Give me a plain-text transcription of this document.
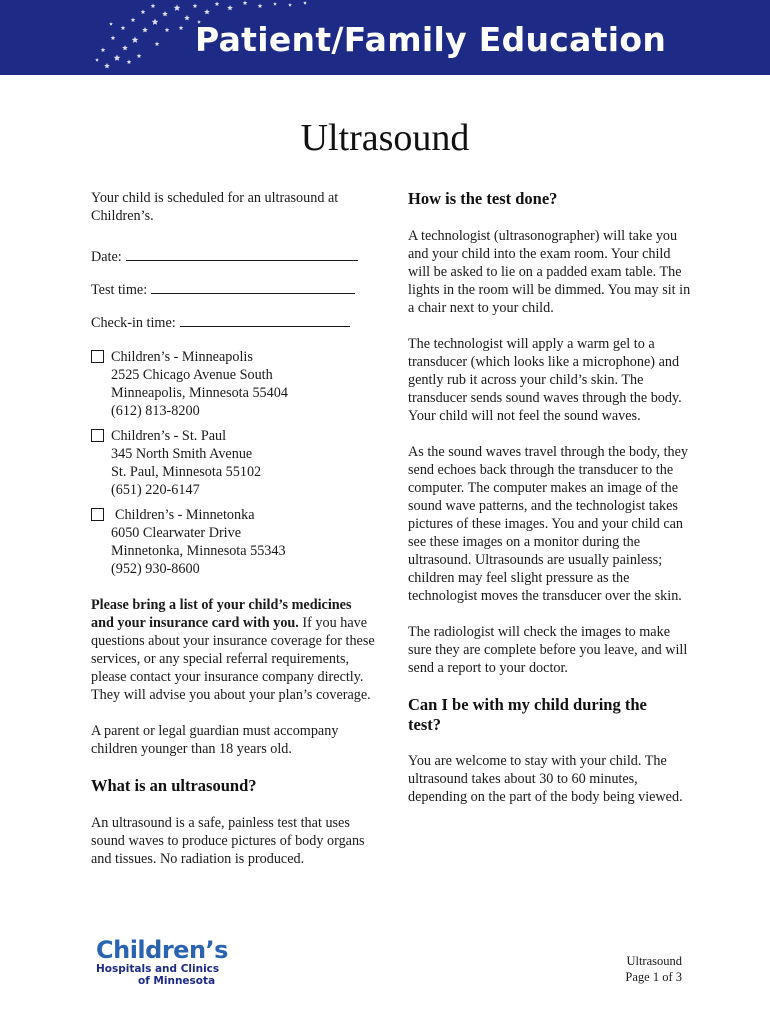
Patient/Family Education
Ultrasound

Your child is scheduled for an ultrasound at Children’s.

Date:
Test time:
Check-in time:
Children’s - Minneapolis
2525 Chicago Avenue South
Minneapolis, Minnesota 55404
(612) 813-8200
Children’s - St. Paul
345 North Smith Avenue
St. Paul, Minnesota 55102
(651) 220-6147
Children’s - Minnetonka
6050 Clearwater Drive
Minnetonka, Minnesota 55343
(952) 930-8600

Please bring a list of your child’s medicines and your insurance card with you. If you have questions about your insurance coverage for these services, or any special referral requirements, please contact your insurance company directly. They will advise you about your plan’s coverage.

A parent or legal guardian must accompany children younger than 18 years old.

What is an ultrasound?

An ultrasound is a safe, painless test that uses sound waves to produce pictures of body organs and tissues. No radiation is produced.

How is the test done?

A technologist (ultrasonographer) will take you and your child into the exam room. Your child will be asked to lie on a padded exam table. The lights in the room will be dimmed. You may sit in a chair next to your child.

The technologist will apply a warm gel to a transducer (which looks like a microphone) and gently rub it across your child’s skin. The transducer sends sound waves through the body. Your child will not feel the sound waves.

As the sound waves travel through the body, they send echoes back through the transducer to the computer. The computer makes an image of the sound wave patterns, and the technologist takes pictures of these images. You and your child can see these images on a monitor during the ultrasound. Ultrasounds are usually painless; children may feel slight pressure as the technologist moves the transducer over the skin.

The radiologist will check the images to make sure they are complete before you leave, and will send a report to your doctor.

Can I be with my child during the test?

You are welcome to stay with your child. The ultrasound takes about 30 to 60 minutes, depending on the part of the body being viewed.

Children’s
Hospitals and Clinics
of Minnesota
Ultrasound
Page 1 of 3
